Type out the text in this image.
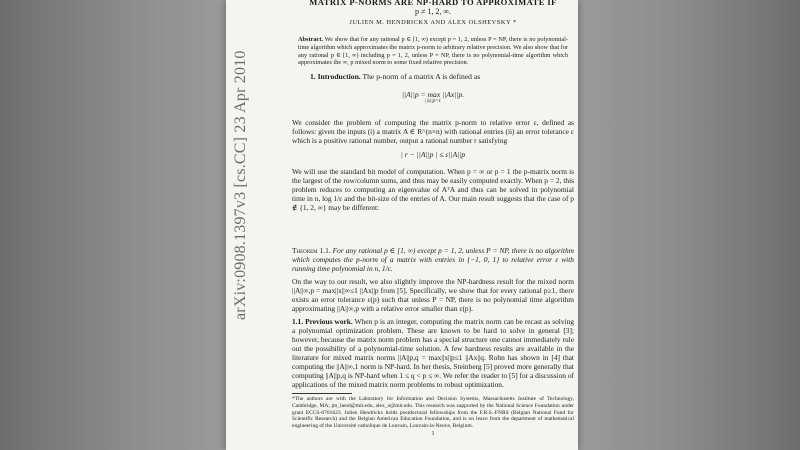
arXiv:0908.1397v3 [cs.CC] 23 Apr 2010
MATRIX P-NORMS ARE NP-HARD TO APPROXIMATE IF
p ≠ 1, 2, ∞.
JULIEN M. HENDRICKX AND ALEX OLSHEVSKY *
Abstract. We show that for any rational p ∈ [1, ∞) except p = 1, 2, unless P = NP, there is no polynomial-time algorithm which approximates the matrix p-norm to arbitrary relative precision. We also show that for any rational p ∈ [1, ∞) including p = 1, 2, unless P = NP, there is no polynomial-time algorithm which approximates the ∞, p mixed norm to some fixed relative precision.
1. Introduction. The p-norm of a matrix A is defined as
||A||p = max ||Ax||p.
||x||p=1
We consider the problem of computing the matrix p-norm to relative error ε, defined as follows: given the inputs (i) a matrix A ∈ R^(n×n) with rational entries (ii) an error tolerance ε which is a positive rational number, output a rational number r satisfying
| r − ||A||p | ≤ ε||A||p
We will use the standard bit model of computation. When p = ∞ or p = 1 the p-matrix norm is the largest of the row/column sums, and thus may be easily computed exactly. When p = 2, this problem reduces to computing an eigenvalue of AᵀA and thus can be solved in polynomial time in n, log 1/ε and the bit-size of the entries of A. Our main result suggests that the case of p ∉ {1, 2, ∞} may be different:
Theorem 1.1. For any rational p ∈ [1, ∞) except p = 1, 2, unless P = NP, there is no algorithm which computes the p-norm of a matrix with entries in {−1, 0, 1} to relative error ε with running time polynomial in n, 1/ε.
On the way to our result, we also slightly improve the NP-hardness result for the mixed norm ||A||∞,p = max||x||∞≤1 ||Ax||p from [5]. Specifically, we show that for every rational p≥1, there exists an error tolerance ε(p) such that unless P = NP, there is no polynomial time algorithm approximating ||A||∞,p with a relative error smaller than ε(p).
1.1. Previous work. When p is an integer, computing the matrix norm can be recast as solving a polynomial optimization problem. These are known to be hard to solve in general [3]; however, because the matrix norm problem has a special structure one cannot immediately rule out the possibility of a polynomial-time solution. A few hardness results are available in the literature for mixed matrix norms ||A||p,q = max||x||p≤1 ||Ax||q. Rohn has shown in [4] that computing the ||A||∞,1 norm is NP-hard. In her thesis, Steinberg [5] proved more generally that computing ||A||p,q is NP-hard when 1 ≤ q < p ≤ ∞. We refer the reader to [5] for a discussion of applications of the mixed matrix norm problems to robust optimization.
*The authors are with the Laboratory for Information and Decision Systems, Massachusetts Institute of Technology, Cambridge, MA; jm_hend@mit.edu, alex_o@mit.edu. This research was supported by the National Science Foundation under grant ECCS-0701623. Julien Hendrickx holds postdoctoral fellowships from the F.R.S.-FNRS (Belgian National Fund for Scientific Research) and the Belgian American Education Foundation, and is on leave from the department of mathematical engineering of the Université catholique de Louvain, Louvain-la-Neuve, Belgium.
1
